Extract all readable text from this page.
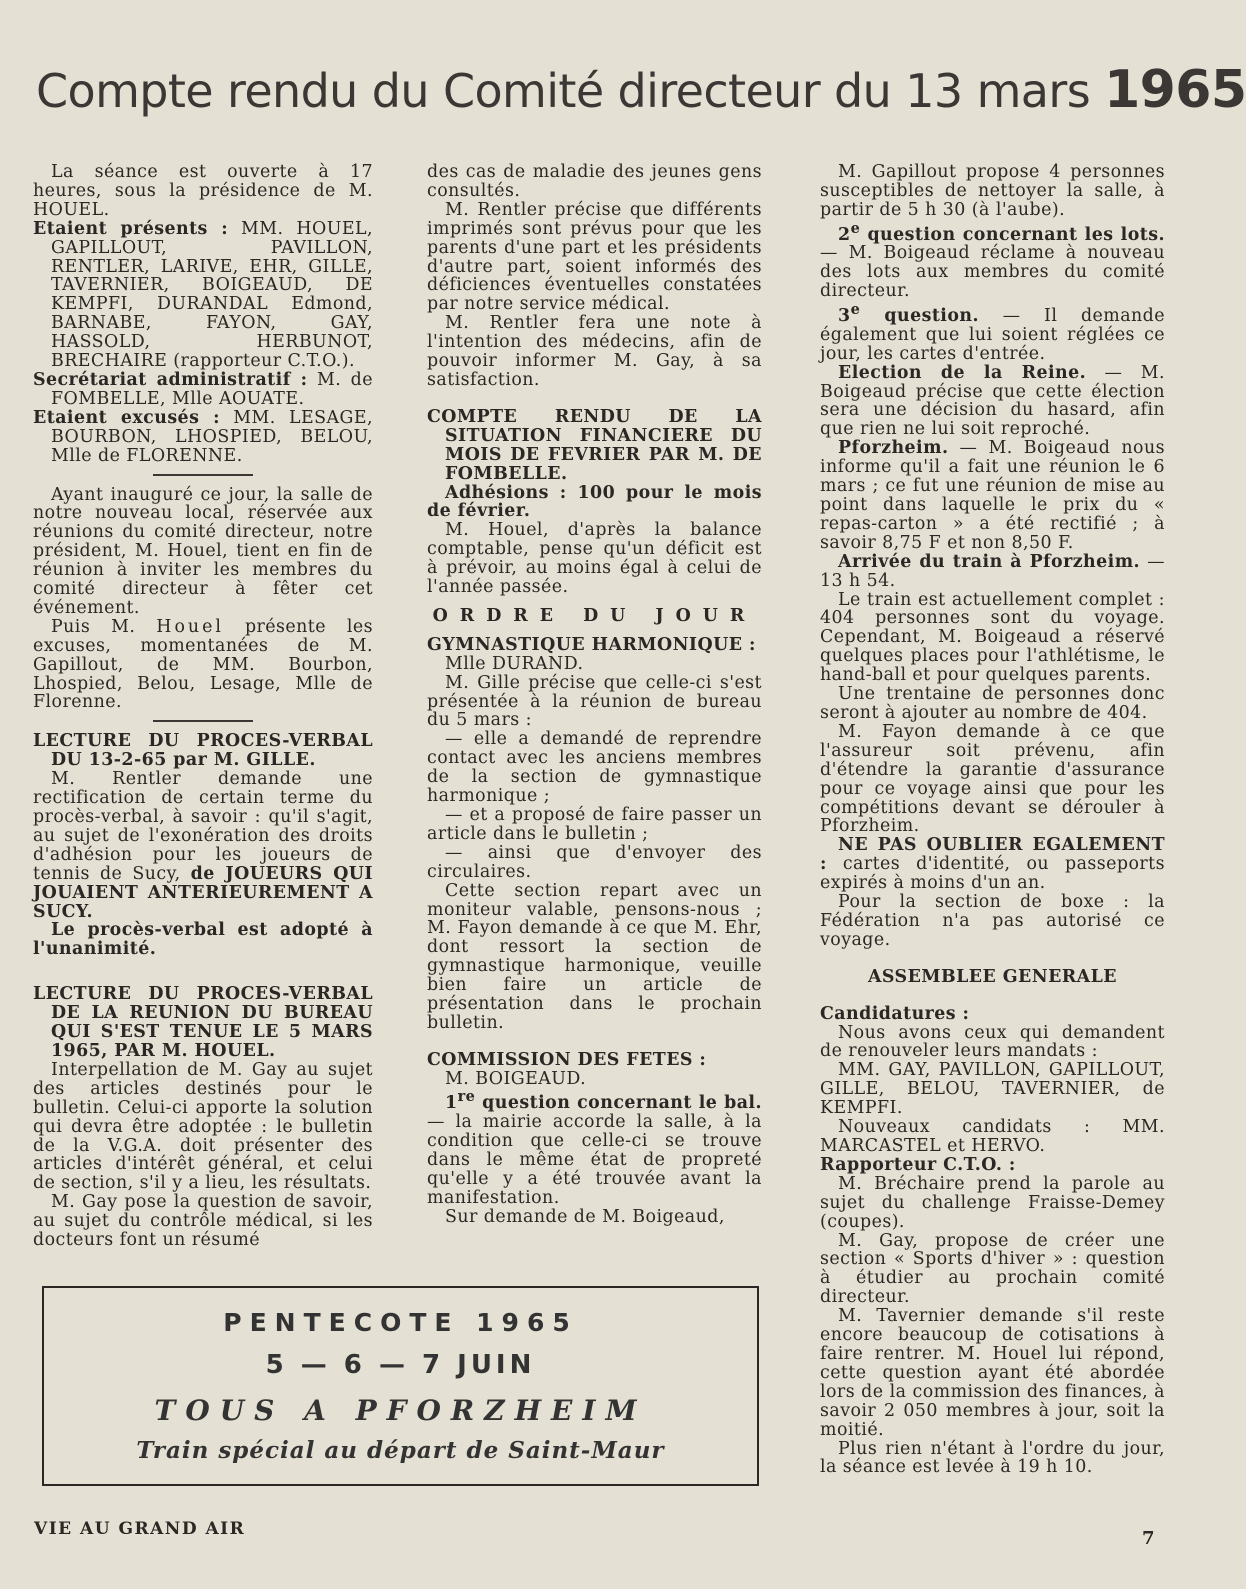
Compte rendu du Comité directeur du 13 mars 1965

La séance est ouverte à 17 heures, sous la présidence de M. HOUEL.

Etaient présents : MM. HOUEL, GAPILLOUT, PAVILLON, RENTLER, LARIVE, EHR, GILLE, TAVERNIER, BOIGEAUD, DE KEMPFI, DURANDAL Edmond, BARNABE, FAYON, GAY, HASSOLD, HERBUNOT, BRECHAIRE (rapporteur C.T.O.).

Secrétariat administratif : M. de FOMBELLE, Mlle AOUATE.

Etaient excusés : MM. LESAGE, BOURBON, LHOSPIED, BELOU, Mlle de FLORENNE.

Ayant inauguré ce jour, la salle de notre nouveau local, réservée aux réunions du comité directeur, notre président, M. Houel, tient en fin de réunion à inviter les membres du comité directeur à fêter cet événement.

Puis M. Houel présente les excuses, momentanées de M. Gapillout, de MM. Bourbon, Lhospied, Belou, Lesage, Mlle de Florenne.

LECTURE DU PROCES-VERBAL DU 13-2-65 par M. GILLE.

M. Rentler demande une rectification de certain terme du procès-verbal, à savoir : qu'il s'agit, au sujet de l'exonération des droits d'adhésion pour les joueurs de tennis de Sucy, de JOUEURS QUI JOUAIENT ANTERIEUREMENT A SUCY.

Le procès-verbal est adopté à l'unanimité.

LECTURE DU PROCES-VERBAL DE LA REUNION DU BUREAU QUI S'EST TENUE LE 5 MARS 1965, PAR M. HOUEL.

Interpellation de M. Gay au sujet des articles destinés pour le bulletin. Celui-ci apporte la solution qui devra être adoptée : le bulletin de la V.G.A. doit présenter des articles d'intérêt général, et celui de section, s'il y a lieu, les résultats.

M. Gay pose la question de savoir, au sujet du contrôle médical, si les docteurs font un résumé

des cas de maladie des jeunes gens consultés.

M. Rentler précise que différents imprimés sont prévus pour que les parents d'une part et les présidents d'autre part, soient informés des déficiences éventuelles constatées par notre service médical.

M. Rentler fera une note à l'intention des médecins, afin de pouvoir informer M. Gay, à sa satisfaction.

COMPTE RENDU DE LA SITUATION FINANCIERE DU MOIS DE FEVRIER PAR M. DE FOMBELLE.

Adhésions : 100 pour le mois de février.

M. Houel, d'après la balance comptable, pense qu'un déficit est à prévoir, au moins égal à celui de l'année passée.

ORDRE DU JOUR

GYMNASTIQUE HARMONIQUE :

Mlle DURAND.

M. Gille précise que celle-ci s'est présentée à la réunion de bureau du 5 mars :

— elle a demandé de reprendre contact avec les anciens membres de la section de gymnastique harmonique ;

— et a proposé de faire passer un article dans le bulletin ;

— ainsi que d'envoyer des circulaires.

Cette section repart avec un moniteur valable, pensons-nous ; M. Fayon demande à ce que M. Ehr, dont ressort la section de gymnastique harmonique, veuille bien faire un article de présentation dans le prochain bulletin.

COMMISSION DES FETES :

M. BOIGEAUD.

1re question concernant le bal. — la mairie accorde la salle, à la condition que celle-ci se trouve dans le même état de propreté qu'elle y a été trouvée avant la manifestation.

Sur demande de M. Boigeaud,

M. Gapillout propose 4 personnes susceptibles de nettoyer la salle, à partir de 5 h 30 (à l'aube).

2e question concernant les lots. — M. Boigeaud réclame à nouveau des lots aux membres du comité directeur.

3e question. — Il demande également que lui soient réglées ce jour, les cartes d'entrée.

Election de la Reine. — M. Boigeaud précise que cette élection sera une décision du hasard, afin que rien ne lui soit reproché.

Pforzheim. — M. Boigeaud nous informe qu'il a fait une réunion le 6 mars ; ce fut une réunion de mise au point dans laquelle le prix du « repas-carton » a été rectifié ; à savoir 8,75 F et non 8,50 F.

Arrivée du train à Pforzheim. — 13 h 54.

Le train est actuellement complet : 404 personnes sont du voyage. Cependant, M. Boigeaud a réservé quelques places pour l'athlétisme, le hand-ball et pour quelques parents.

Une trentaine de personnes donc seront à ajouter au nombre de 404.

M. Fayon demande à ce que l'assureur soit prévenu, afin d'étendre la garantie d'assurance pour ce voyage ainsi que pour les compétitions devant se dérouler à Pforzheim.

NE PAS OUBLIER EGALEMENT : cartes d'identité, ou passeports expirés à moins d'un an.

Pour la section de boxe : la Fédération n'a pas autorisé ce voyage.

ASSEMBLEE GENERALE

Candidatures :

Nous avons ceux qui demandent de renouveler leurs mandats :

MM. GAY, PAVILLON, GAPILLOUT, GILLE, BELOU, TAVERNIER, de KEMPFI.

Nouveaux candidats : MM. MARCASTEL et HERVO.

Rapporteur C.T.O. :

M. Bréchaire prend la parole au sujet du challenge Fraisse-Demey (coupes).

M. Gay, propose de créer une section « Sports d'hiver » : question à étudier au prochain comité directeur.

M. Tavernier demande s'il reste encore beaucoup de cotisations à faire rentrer. M. Houel lui répond, cette question ayant été abordée lors de la commission des finances, à savoir 2 050 membres à jour, soit la moitié.

Plus rien n'étant à l'ordre du jour, la séance est levée à 19 h 10.

PENTECOTE 1965
5 — 6 — 7 JUIN
TOUS A PFORZHEIM
Train spécial au départ de Saint-Maur
VIE AU GRAND AIR	7
